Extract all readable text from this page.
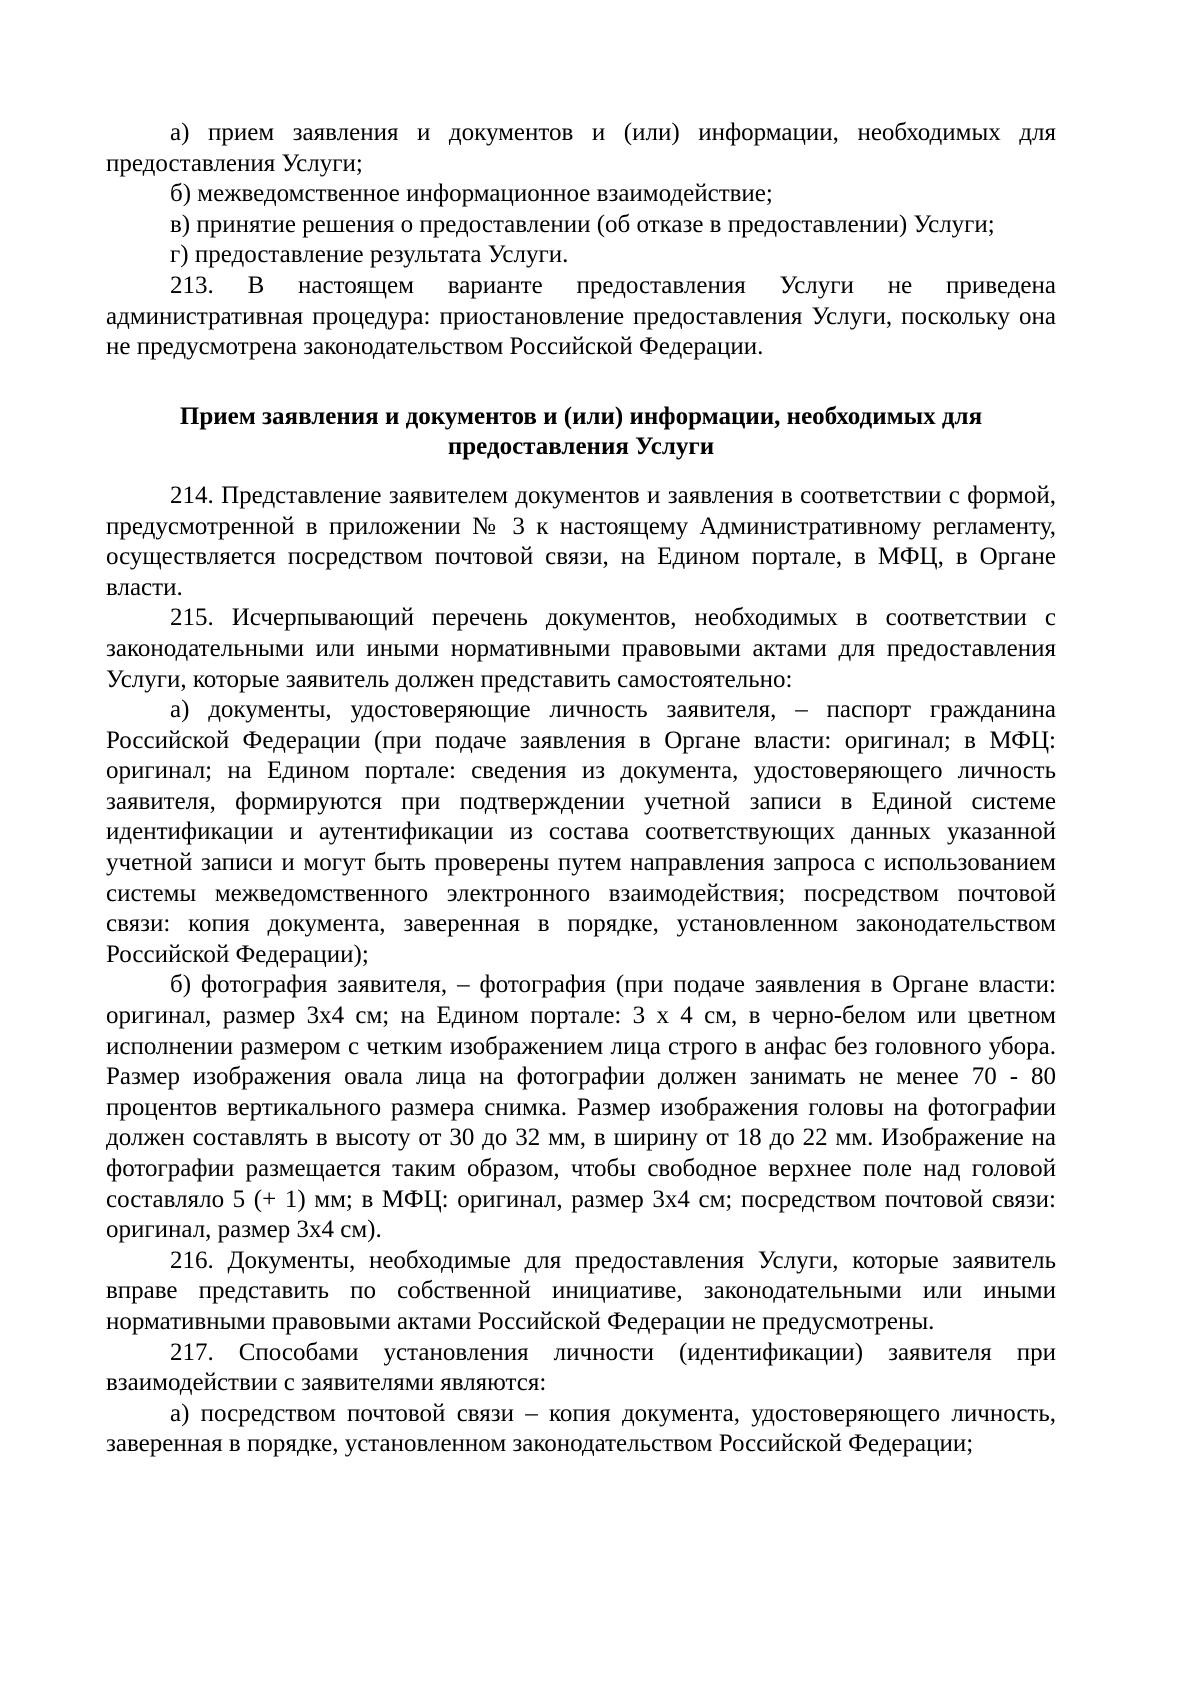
а) прием заявления и документов и (или) информации, необходимых для предоставления Услуги;

б) межведомственное информационное взаимодействие;

в) принятие решения о предоставлении (об отказе в предоставлении) Услуги;

г) предоставление результата Услуги.

213. В настоящем варианте предоставления Услуги не приведена административная процедура: приостановление предоставления Услуги, поскольку она не предусмотрена законодательством Российской Федерации.

Прием заявления и документов и (или) информации, необходимых для предоставления Услуги

214. Представление заявителем документов и заявления в соответствии с формой, предусмотренной в приложении № 3 к настоящему Административному регламенту, осуществляется посредством почтовой связи, на Едином портале, в МФЦ, в Органе власти.

215. Исчерпывающий перечень документов, необходимых в соответствии с законодательными или иными нормативными правовыми актами для предоставления Услуги, которые заявитель должен представить самостоятельно:

а) документы, удостоверяющие личность заявителя, – паспорт гражданина Российской Федерации (при подаче заявления в Органе власти: оригинал; в МФЦ: оригинал; на Едином портале: сведения из документа, удостоверяющего личность заявителя, формируются при подтверждении учетной записи в Единой системе идентификации и аутентификации из состава соответствующих данных указанной учетной записи и могут быть проверены путем направления запроса с использованием системы межведомственного электронного взаимодействия; посредством почтовой связи: копия документа, заверенная в порядке, установленном законодательством Российской Федерации);

б) фотография заявителя, – фотография (при подаче заявления в Органе власти: оригинал, размер 3x4 см; на Едином портале: 3 x 4 см, в черно-белом или цветном исполнении размером с четким изображением лица строго в анфас без головного убора. Размер изображения овала лица на фотографии должен занимать не менее 70 - 80 процентов вертикального размера снимка. Размер изображения головы на фотографии должен составлять в высоту от 30 до 32 мм, в ширину от 18 до 22 мм. Изображение на фотографии размещается таким образом, чтобы свободное верхнее поле над головой составляло 5 (+ 1) мм; в МФЦ: оригинал, размер 3x4 см; посредством почтовой связи: оригинал, размер 3x4 см).

216. Документы, необходимые для предоставления Услуги, которые заявитель вправе представить по собственной инициативе, законодательными или иными нормативными правовыми актами Российской Федерации не предусмотрены.

217. Способами установления личности (идентификации) заявителя при взаимодействии с заявителями являются:

а) посредством почтовой связи – копия документа, удостоверяющего личность, заверенная в порядке, установленном законодательством Российской Федерации;
